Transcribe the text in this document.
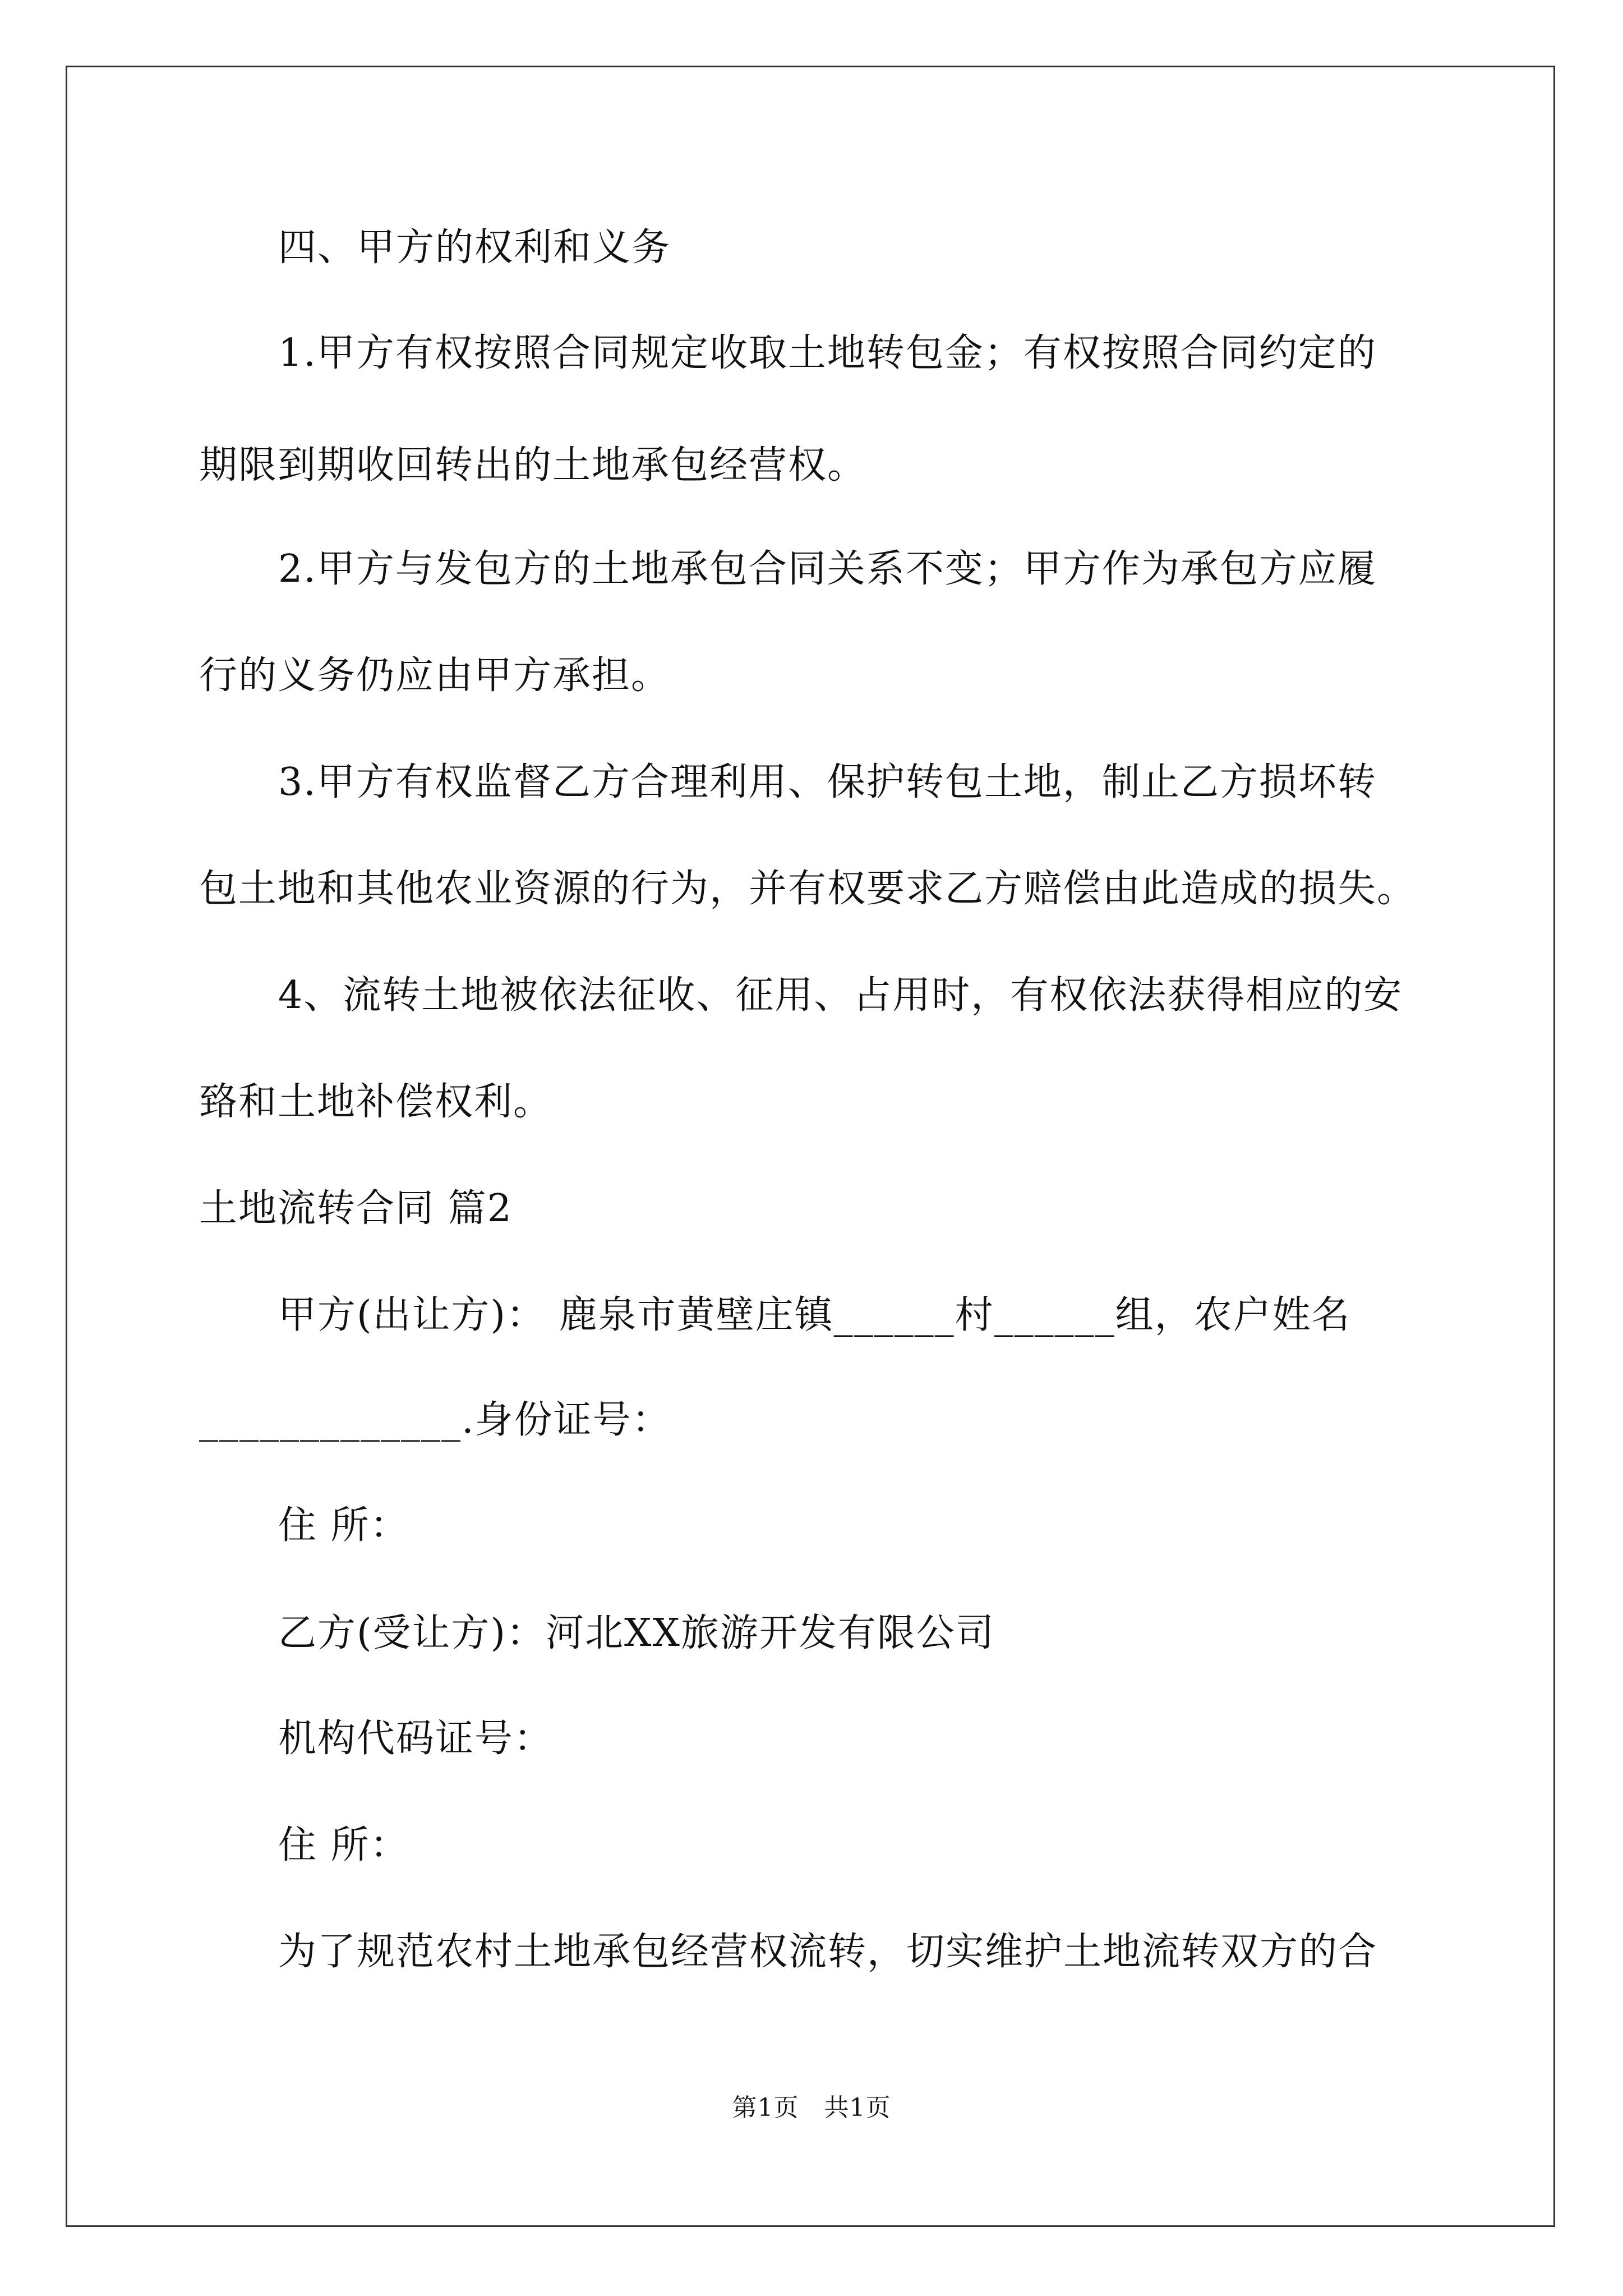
四、甲方的权利和义务

1.甲方有权按照合同规定收取土地转包金；有权按照合同约定的

期限到期收回转出的土地承包经营权。

2.甲方与发包方的土地承包合同关系不变；甲方作为承包方应履

行的义务仍应由甲方承担。

3.甲方有权监督乙方合理利用、保护转包土地，制止乙方损坏转

包土地和其他农业资源的行为，并有权要求乙方赔偿由此造成的损失。

4、流转土地被依法征收、征用、占用时，有权依法获得相应的安

臵和土地补偿权利。

土地流转合同 篇2

甲方(出让方)： 鹿泉市黄壁庄镇______村______组，农户姓名

_____________.身份证号：

住 所：

乙方(受让方)：河北XX旅游开发有限公司

机构代码证号：

住 所：

为了规范农村土地承包经营权流转，切实维护土地流转双方的合

第1页　共1页
